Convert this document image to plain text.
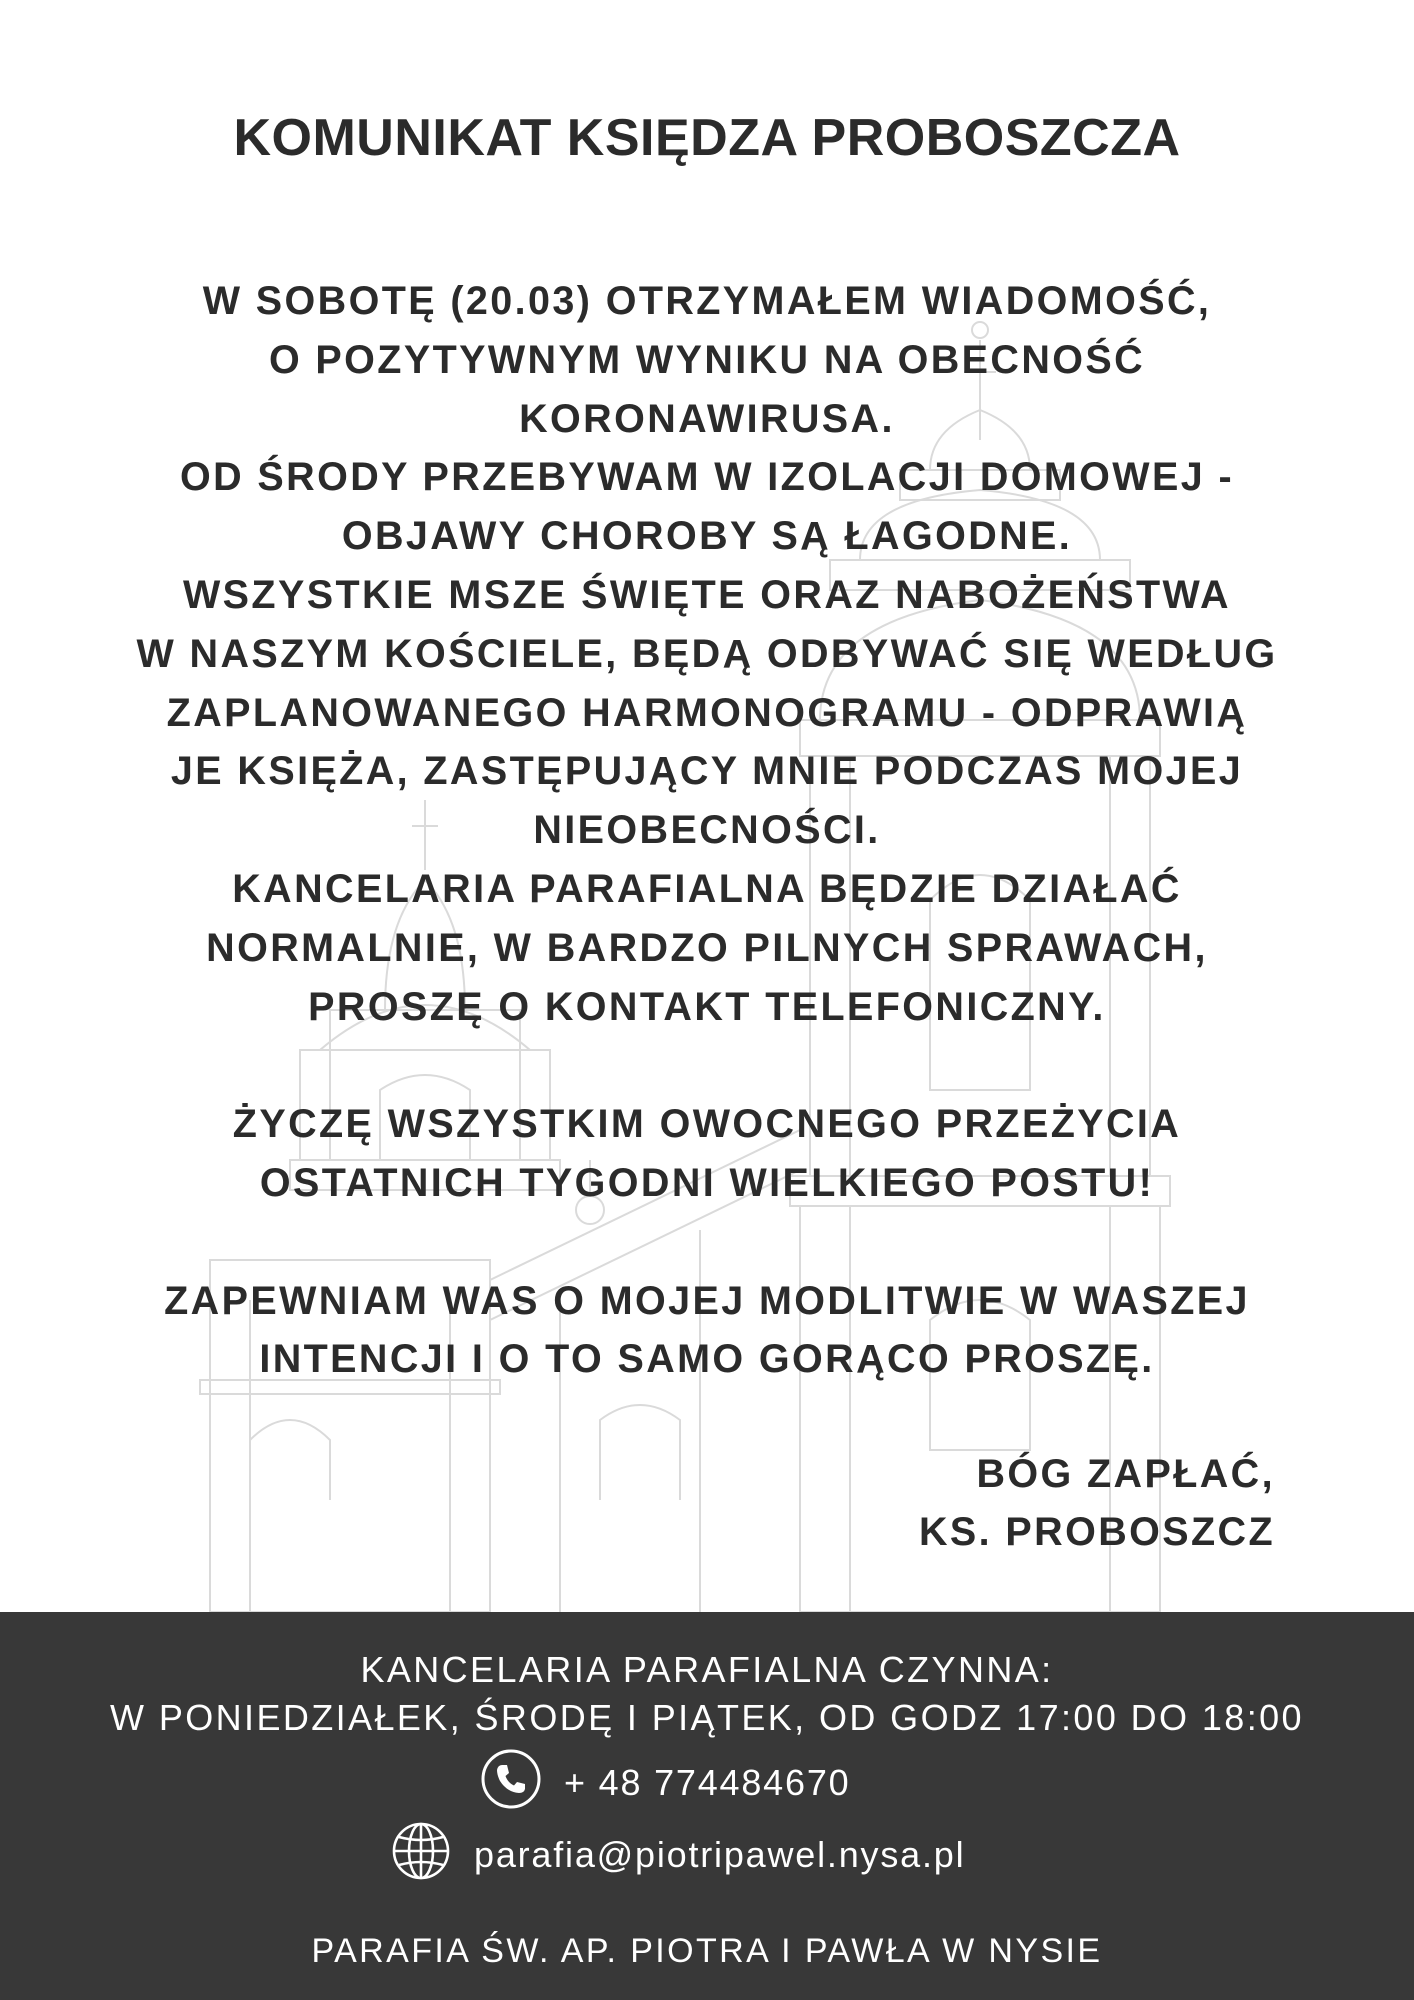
KOMUNIKAT KSIĘDZA PROBOSZCZA
W SOBOTĘ (20.03) OTRZYMAŁEM WIADOMOŚĆ,
O POZYTYWNYM WYNIKU NA OBECNOŚĆ
KORONAWIRUSA.
OD ŚRODY PRZEBYWAM W IZOLACJI DOMOWEJ -
OBJAWY CHOROBY SĄ ŁAGODNE.
WSZYSTKIE MSZE ŚWIĘTE ORAZ NABOŻEŃSTWA
W NASZYM KOŚCIELE, BĘDĄ ODBYWAĆ SIĘ WEDŁUG
ZAPLANOWANEGO HARMONOGRAMU - ODPRAWIĄ
JE KSIĘŻA, ZASTĘPUJĄCY MNIE PODCZAS MOJEJ
NIEOBECNOŚCI.
KANCELARIA PARAFIALNA BĘDZIE DZIAŁAĆ
NORMALNIE, W BARDZO PILNYCH SPRAWACH,
PROSZĘ O KONTAKT TELEFONICZNY.
ŻYCZĘ WSZYSTKIM OWOCNEGO PRZEŻYCIA
OSTATNICH TYGODNI WIELKIEGO POSTU!
ZAPEWNIAM WAS O MOJEJ MODLITWIE W WASZEJ
INTENCJI I O TO SAMO GORĄCO PROSZĘ.
BÓG ZAPŁAĆ,
KS. PROBOSZCZ
KANCELARIA PARAFIALNA CZYNNA:
W PONIEDZIAŁEK, ŚRODĘ I PIĄTEK, OD GODZ 17:00 DO 18:00
+ 48 774484670
parafia@piotripawel.nysa.pl
PARAFIA ŚW. AP. PIOTRA I PAWŁA W NYSIE
